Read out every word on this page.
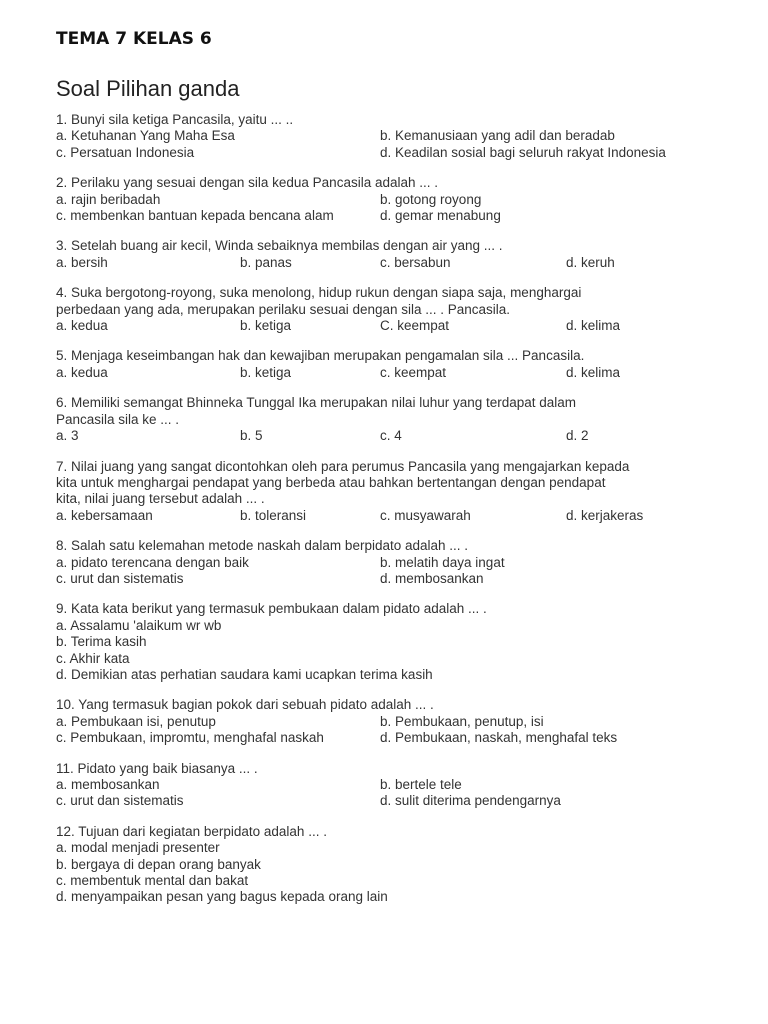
TEMA 7 KELAS 6
Soal Pilihan ganda
1. Bunyi sila ketiga Pancasila, yaitu ... ..
a. Ketuhanan Yang Maha Esa	b. Kemanusiaan yang adil dan beradab
c. Persatuan Indonesia	d. Keadilan sosial bagi seluruh rakyat Indonesia
2. Perilaku yang sesuai dengan sila kedua Pancasila adalah ... .
a. rajin beribadah	b. gotong royong
c. membenkan bantuan kepada bencana alam	d. gemar menabung
3. Setelah buang air kecil, Winda sebaiknya membilas dengan air yang ... .
a. bersih	b. panas	c. bersabun	d. keruh
4. Suka bergotong-royong, suka menolong, hidup rukun dengan siapa saja, menghargai
perbedaan yang ada, merupakan perilaku sesuai dengan sila ... . Pancasila.
a. kedua	b. ketiga	C. keempat	d. kelima
5. Menjaga keseimbangan hak dan kewajiban merupakan pengamalan sila ... Pancasila.
a. kedua	b. ketiga	c. keempat	d. kelima
6. Memiliki semangat Bhinneka Tunggal Ika merupakan nilai luhur yang terdapat dalam
Pancasila sila ke ... .
a. 3	b. 5	c. 4	d. 2
7. Nilai juang yang sangat dicontohkan oleh para perumus Pancasila yang mengajarkan kepada
kita untuk menghargai pendapat yang berbeda atau bahkan bertentangan dengan pendapat
kita, nilai juang tersebut adalah ... .
a. kebersamaan	b. toleransi	c. musyawarah	d. kerjakeras
8. Salah satu kelemahan metode naskah dalam berpidato adalah ... .
a. pidato terencana dengan baik	b. melatih daya ingat
c. urut dan sistematis	d. membosankan
9. Kata kata berikut yang termasuk pembukaan dalam pidato adalah ... .
a. Assalamu 'alaikum wr wb
b. Terima kasih
c. Akhir kata
d. Demikian atas perhatian saudara kami ucapkan terima kasih
10. Yang termasuk bagian pokok dari sebuah pidato adalah ... .
a. Pembukaan isi, penutup	b. Pembukaan, penutup, isi
c. Pembukaan, impromtu, menghafal naskah	d. Pembukaan, naskah, menghafal teks
11. Pidato yang baik biasanya ... .
a. membosankan	b. bertele tele
c. urut dan sistematis	d. sulit diterima pendengarnya
12. Tujuan dari kegiatan berpidato adalah ... .
a. modal menjadi presenter
b. bergaya di depan orang banyak
c. membentuk mental dan bakat
d. menyampaikan pesan yang bagus kepada orang lain
